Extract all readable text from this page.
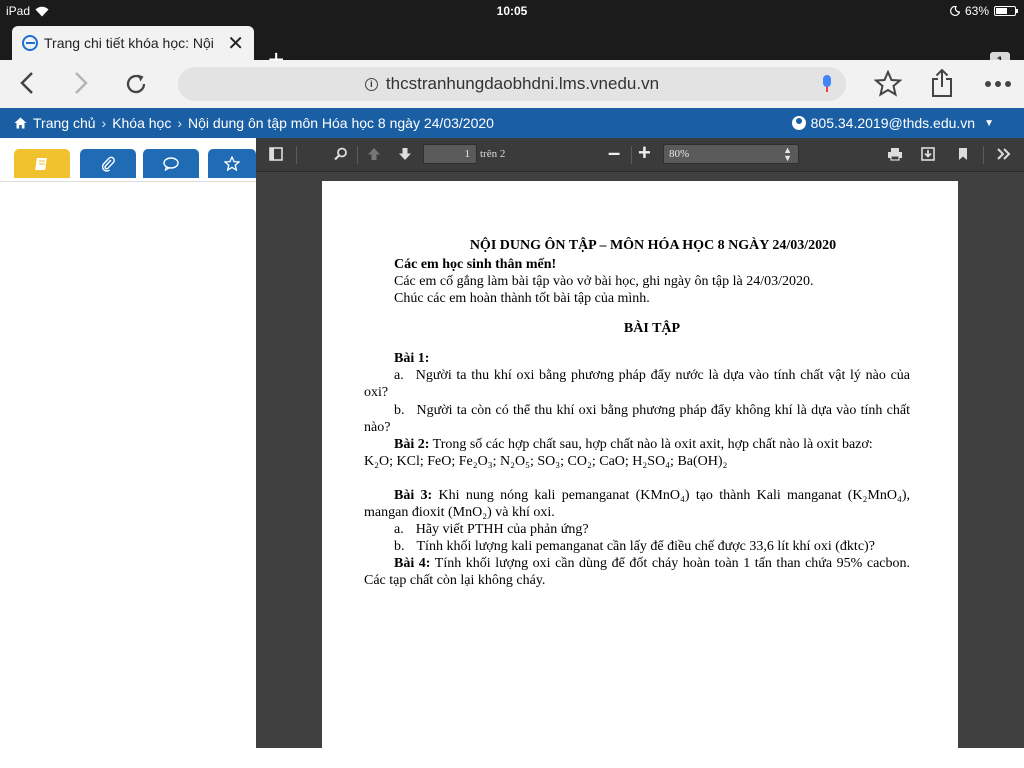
iPad	10:05	63%
Trang chi tiết khóa học: Nội ✕
i thcstranhungdaobhdni.lms.vnedu.vn
Trang chủ › Khóa học › Nội dung ôn tập môn Hóa học 8 ngày 24/03/2020	805.34.2019@thds.edu.vn ▼
1 trên 2	– +	80%	▲
▼
NỘI DUNG ÔN TẬP – MÔN HÓA HỌC 8 NGÀY 24/03/2020
Các em học sinh thân mến!
Các em cố gắng làm bài tập vào vở bài học, ghi ngày ôn tập là 24/03/2020.
Chúc các em hoàn thành tốt bài tập của mình.
BÀI TẬP
Bài 1:
a. Người ta thu khí oxi bằng phương pháp đẩy nước là dựa vào tính chất vật lý nào của oxi?
b. Người ta còn có thể thu khí oxi bằng phương pháp đẩy không khí là dựa vào tính chất nào?
Bài 2: Trong số các hợp chất sau, hợp chất nào là oxit axit, hợp chất nào là oxit bazơ:
K₂O; KCl; FeO; Fe₂O₃; N₂O₅; SO₃; CO₂; CaO; H₂SO₄; Ba(OH)₂
Bài 3: Khi nung nóng kali pemanganat (KMnO₄) tạo thành Kali manganat (K₂MnO₄), mangan đioxit (MnO₂) và khí oxi.
a. Hãy viết PTHH của phản ứng?
b. Tính khối lượng kali pemanganat cần lấy để điều chế được 33,6 lít khí oxi (đktc)?
Bài 4: Tính khối lượng oxi cần dùng để đốt cháy hoàn toàn 1 tấn than chứa 95% cacbon. Các tạp chất còn lại không cháy.
